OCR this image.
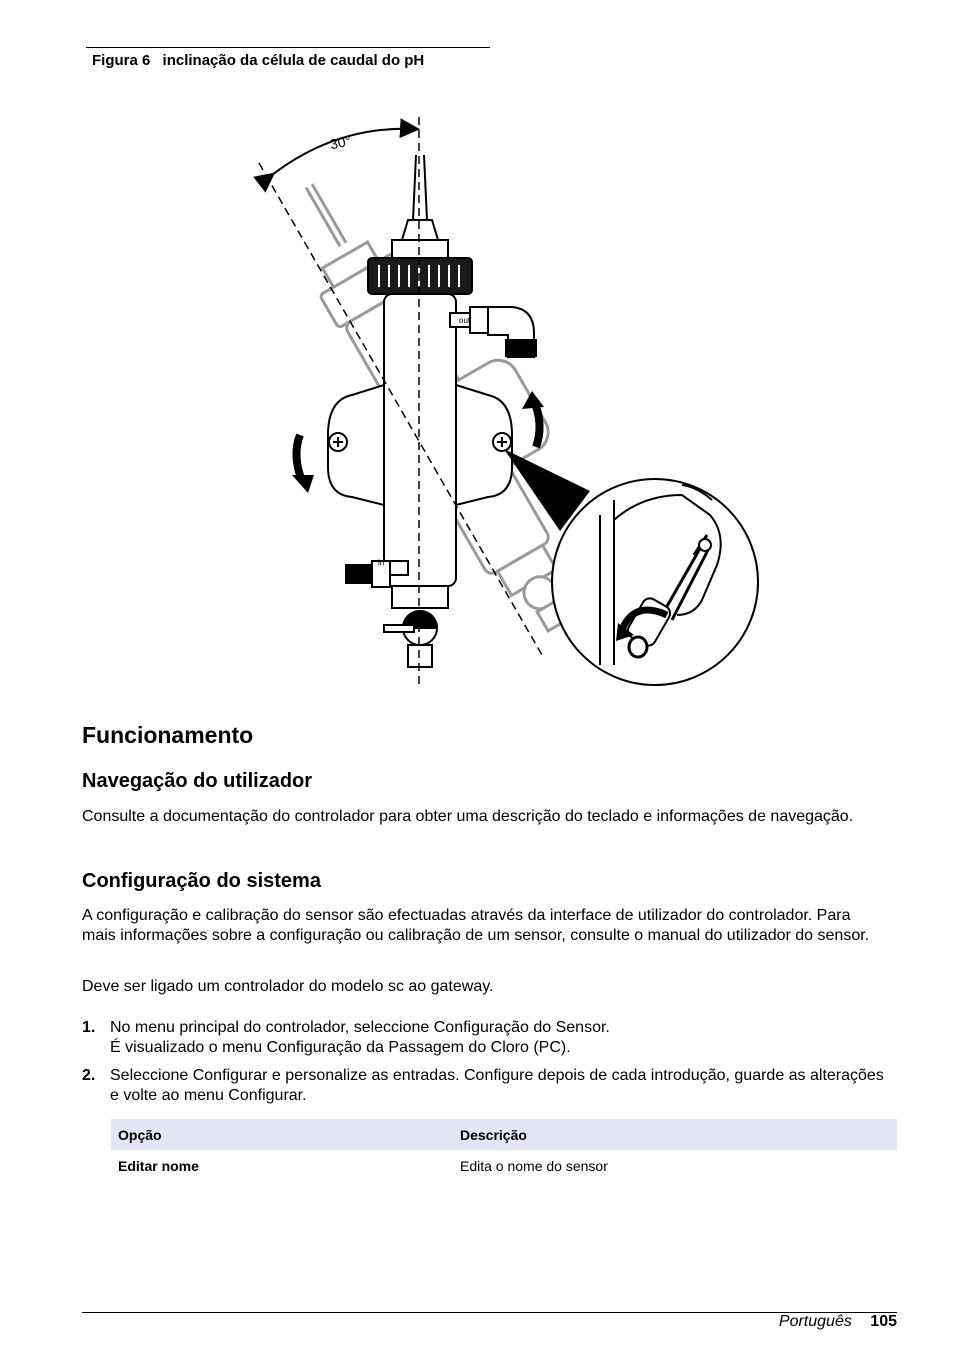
Figura 6 inclinação da célula de caudal do pH
out
in
30°
Funcionamento
Navegação do utilizador

Consulte a documentação do controlador para obter uma descrição do teclado e informações de navegação.

Configuração do sistema

A configuração e calibração do sensor são efectuadas através da interface de utilizador do controlador. Para mais informações sobre a configuração ou calibração de um sensor, consulte o manual do utilizador do sensor.

Deve ser ligado um controlador do modelo sc ao gateway.

1. No menu principal do controlador, seleccione Configuração do Sensor.
É visualizado o menu Configuração da Passagem do Cloro (PC).
2. Seleccione Configurar e personalize as entradas. Configure depois de cada introdução, guarde as alterações e volte ao menu Configurar.
Opção	Descrição
Editar nome	Edita o nome do sensor
Português 105
